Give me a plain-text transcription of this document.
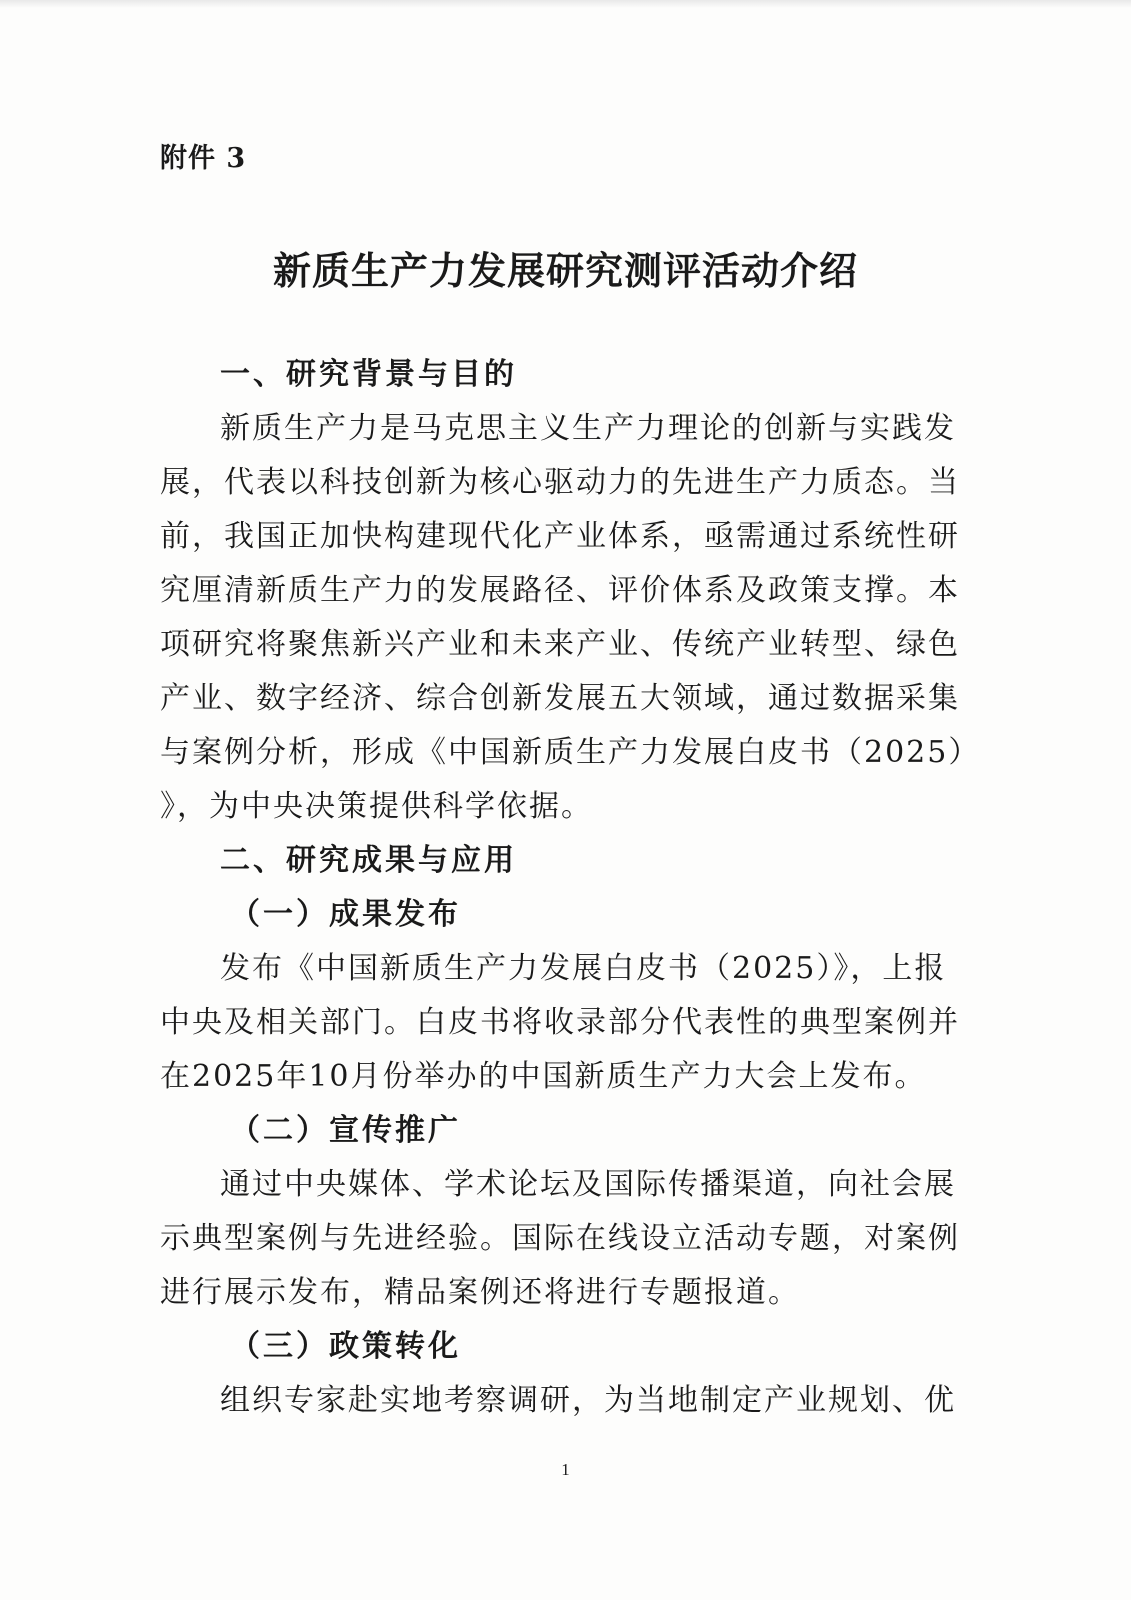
附件 3
新质生产力发展研究测评活动介绍
一、研究背景与目的
新质生产力是马克思主义生产力理论的创新与实践发
展，代表以科技创新为核心驱动力的先进生产力质态。当
前，我国正加快构建现代化产业体系，亟需通过系统性研
究厘清新质生产力的发展路径、评价体系及政策支撑。本
项研究将聚焦新兴产业和未来产业、传统产业转型、绿色
产业、数字经济、综合创新发展五大领域，通过数据采集
与案例分析，形成《中国新质生产力发展白皮书（2025）
》，为中央决策提供科学依据。
二、研究成果与应用
（一）成果发布
发布《中国新质生产力发展白皮书（2025）》，上报
中央及相关部门。白皮书将收录部分代表性的典型案例并
在2025年10月份举办的中国新质生产力大会上发布。
（二）宣传推广
通过中央媒体、学术论坛及国际传播渠道，向社会展
示典型案例与先进经验。国际在线设立活动专题，对案例
进行展示发布，精品案例还将进行专题报道。
（三）政策转化
组织专家赴实地考察调研，为当地制定产业规划、优
1
